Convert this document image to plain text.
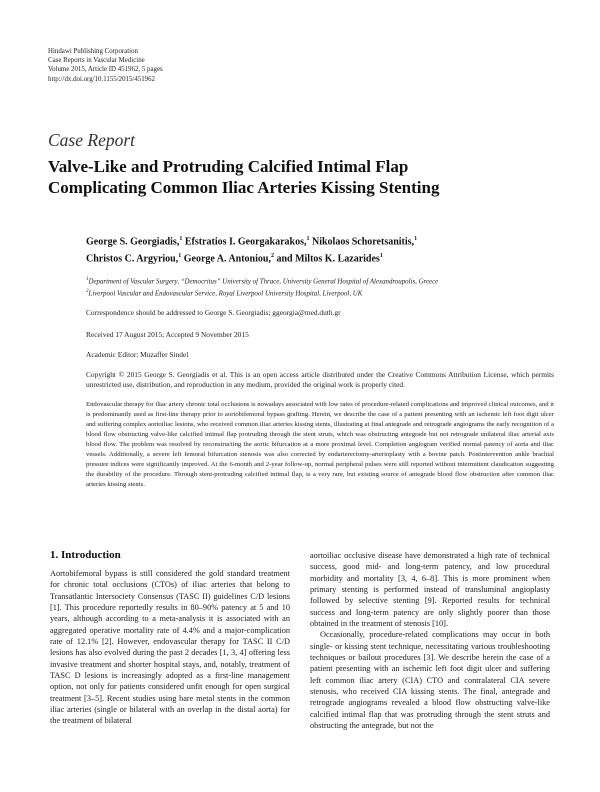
Hindawi Publishing Corporation
Case Reports in Vascular Medicine
Volume 2015, Article ID 451962, 5 pages
http://dx.doi.org/10.1155/2015/451962
Case Report
Valve-Like and Protruding Calcified Intimal Flap
Complicating Common Iliac Arteries Kissing Stenting
George S. Georgiadis,$^1$ Efstratios I. Georgakarakos,$^1$ Nikolaos Schoretsanitis,$^1$
Christos C. Argyriou,$^1$ George A. Antoniou,$^2$ and Miltos K. Lazarides$^1$
$^1$Department of Vascular Surgery, “Democritus” University of Thrace, University General Hospital of Alexandroupolis, Greece
$^2$Liverpool Vascular and Endovascular Service, Royal Liverpool University Hospital, Liverpool, UK
Correspondence should be addressed to George S. Georgiadis; ggeorgia@med.duth.gr
Received 17 August 2015; Accepted 9 November 2015
Academic Editor: Muzaffer Sindel
Copyright © 2015 George S. Georgiadis et al. This is an open access article distributed under the Creative Commons Attribution License, which permits unrestricted use, distribution, and reproduction in any medium, provided the original work is properly cited.
Endovascular therapy for iliac artery chronic total occlusions is nowadays associated with low rates of procedure-related complications and improved clinical outcomes, and it is predominantly used as first-line therapy prior to aortobifemoral bypass grafting. Herein, we describe the case of a patient presenting with an ischemic left foot digit ulcer and suffering complex aortoiliac lesions, who received common iliac arteries kissing stents, illustrating at final antegrade and retrograde angiograms the early recognition of a blood flow obstructing valve-like calcified intimal flap protruding through the stent struts, which was obstructing antegrade but not retrograde unilateral iliac arterial axis blood flow. The problem was resolved by reconstructing the aortic bifurcation at a more proximal level. Completion angiogram verified normal patency of aorta and iliac vessels. Additionally, a severe left femoral bifurcation stenosis was also corrected by endarterectomy-arterioplasty with a bovine patch. Postintervention ankle brachial pressure indices were significantly improved. At the 6-month and 2-year follow-up, normal peripheral pulses were still reported without intermittent claudication suggesting the durability of the procedure. Through stent-protruding calcified intimal flap, is a very rare, but existing source of antegrade blood flow obstruction after common iliac arteries kissing stents.
1. Introduction

Aortobifemoral bypass is still considered the gold standard treatment for chronic total occlusions (CTOs) of iliac arteries that belong to Transatlantic Intersociety Consensus (TASC II) guidelines C/D lesions [1]. This procedure reportedly results in 80–90% patency at 5 and 10 years, although according to a meta-analysis it is associated with an aggregated operative mortality rate of 4.4% and a major-complication rate of 12.1% [2]. However, endovascular therapy for TASC II C/D lesions has also evolved during the past 2 decades [1, 3, 4] offering less invasive treatment and shorter hospital stays, and, notably, treatment of TASC D lesions is increasingly adopted as a first-line management option, not only for patients considered unfit enough for open surgical treatment [3–5]. Recent studies using bare metal stents in the common iliac arteries (single or bilateral with an overlap in the distal aorta) for the treatment of bilateral

aortoiliac occlusive disease have demonstrated a high rate of technical success, good mid- and long-term patency, and low procedural morbidity and mortality [3, 4, 6–8]. This is more prominent when primary stenting is performed instead of transluminal angioplasty followed by selective stenting [9]. Reported results for technical success and long-term patency are only slightly poorer than those obtained in the treatment of stenosis [10].

Occasionally, procedure-related complications may occur in both single- or kissing stent technique, necessitating various troubleshooting techniques or bailout procedures [3]. We describe herein the case of a patient presenting with an ischemic left foot digit ulcer and suffering left common iliac artery (CIA) CTO and contralateral CIA severe stenosis, who received CIA kissing stents. The final, antegrade and retrograde angiograms revealed a blood flow obstructing valve-like calcified intimal flap that was protruding through the stent struts and obstructing the antegrade, but not the
